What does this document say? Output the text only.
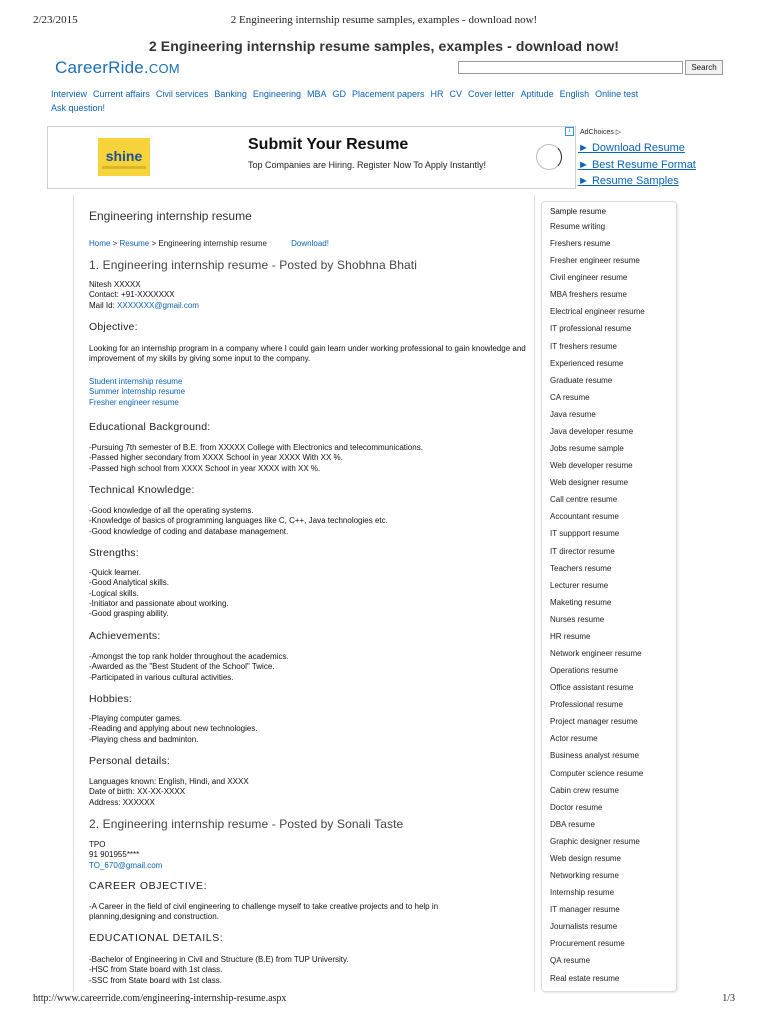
2/23/2015	2 Engineering internship resume samples, examples - download now!
2 Engineering internship resume samples, examples - download now!
CareerRide.COM	Search
Interview Current affairs Civil services Banking Engineering MBA GD Placement papers HR CV Cover letter Aptitude English Online test
Ask question!
shine
Submit Your Resume
Top Companies are Hiring. Register Now To Apply Instantly!
i	AdChoices ▷
► Download Resume
► Best Resume Format
► Resume Samples
Engineering internship resume
Home > Resume > Engineering internship resume	Download!
1. Engineering internship resume - Posted by Shobhna Bhati
Nitesh XXXXX
Contact: +91-XXXXXXX
Mail Id: XXXXXXX@gmail.com
Objective:
Looking for an internship program in a company where I could gain learn under working professional to gain knowledge and improvement of my skills by giving some input to the company.
Student internship resume
Summer internship resume
Fresher engineer resume
Educational Background:
-Pursuing 7th semester of B.E. from XXXXX College with Electronics and telecommunications.
-Passed higher secondary from XXXX School in year XXXX With XX %.
-Passed high school from XXXX School in year XXXX with XX %.
Technical Knowledge:
-Good knowledge of all the operating systems.
-Knowledge of basics of programming languages like C, C++, Java technologies etc.
-Good knowledge of coding and database management.
Strengths:
-Quick learner.
-Good Analytical skills.
-Logical skills.
-Initiator and passionate about working.
-Good grasping ability.
Achievements:
-Amongst the top rank holder throughout the academics.
-Awarded as the "Best Student of the School" Twice.
-Participated in various cultural activities.
Hobbies:
-Playing computer games.
-Reading and applying about new technologies.
-Playing chess and badminton.
Personal details:
Languages known: English, Hindi, and XXXX
Date of birth: XX-XX-XXXX
Address: XXXXXX
2. Engineering internship resume - Posted by Sonali Taste
TPO
91 901955****
TO_670@gmail.com
CAREER OBJECTIVE:
-A Career in the field of civil engineering to challenge myself to take creative projects and to help in planning,designing and construction.
EDUCATIONAL DETAILS:
-Bachelor of Engineering in Civil and Structure (B.E) from TUP University.
-HSC from State board with 1st class.
-SSC from State board with 1st class.
Sample resume
Resume writing
Freshers resume
Fresher engineer resume
Civil engineer resume
MBA freshers resume
Electrical engineer resume
IT professional resume
IT freshers resume
Experienced resume
Graduate resume
CA resume
Java resume
Java developer resume
Jobs resume sample
Web developer resume
Web designer resume
Call centre resume
Accountant resume
IT suppport resume
IT director resume
Teachers resume
Lecturer resume
Maketing resume
Nurses resume
HR resume
Network engineer resume
Operations resume
Office assistant resume
Professional resume
Project manager resume
Actor resume
Business analyst resume
Computer science resume
Cabin crew resume
Doctor resume
DBA resume
Graphic designer resume
Web design resume
Networking resume
Internship resume
IT manager resume
Journalists resume
Procurement resume
QA resume
Real estate resume
http://www.careerride.com/engineering-internship-resume.aspx	1/3
